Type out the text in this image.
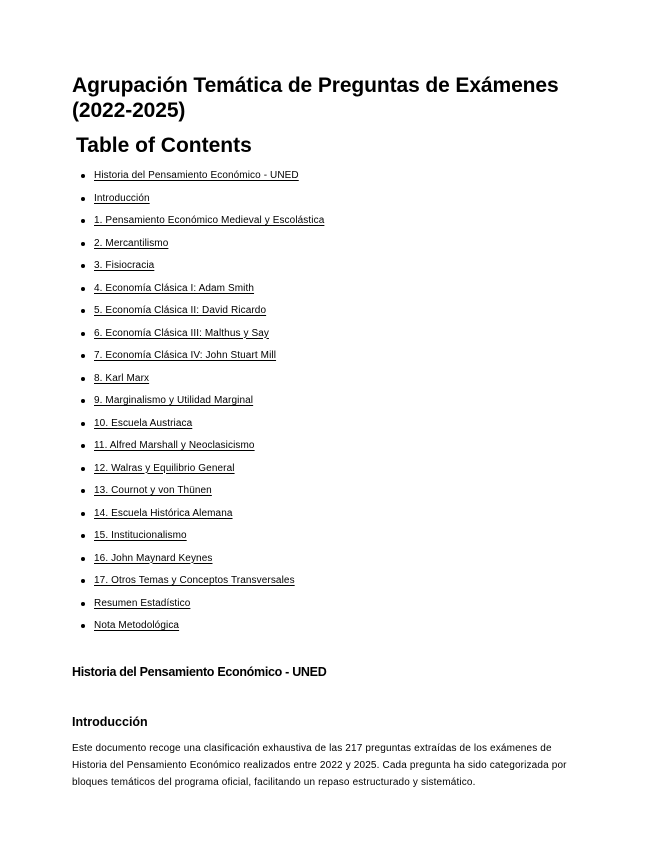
Agrupación Temática de Preguntas de Exámenes (2022-2025)
Table of Contents
Historia del Pensamiento Económico - UNED
Introducción
1. Pensamiento Económico Medieval y Escolástica
2. Mercantilismo
3. Fisiocracia
4. Economía Clásica I: Adam Smith
5. Economía Clásica II: David Ricardo
6. Economía Clásica III: Malthus y Say
7. Economía Clásica IV: John Stuart Mill
8. Karl Marx
9. Marginalismo y Utilidad Marginal
10. Escuela Austriaca
11. Alfred Marshall y Neoclasicismo
12. Walras y Equilibrio General
13. Cournot y von Thünen
14. Escuela Histórica Alemana
15. Institucionalismo
16. John Maynard Keynes
17. Otros Temas y Conceptos Transversales
Resumen Estadístico
Nota Metodológica
Historia del Pensamiento Económico - UNED
Introducción

Este documento recoge una clasificación exhaustiva de las 217 preguntas extraídas de los exámenes de Historia del Pensamiento Económico realizados entre 2022 y 2025. Cada pregunta ha sido categorizada por bloques temáticos del programa oficial, facilitando un repaso estructurado y sistemático.
